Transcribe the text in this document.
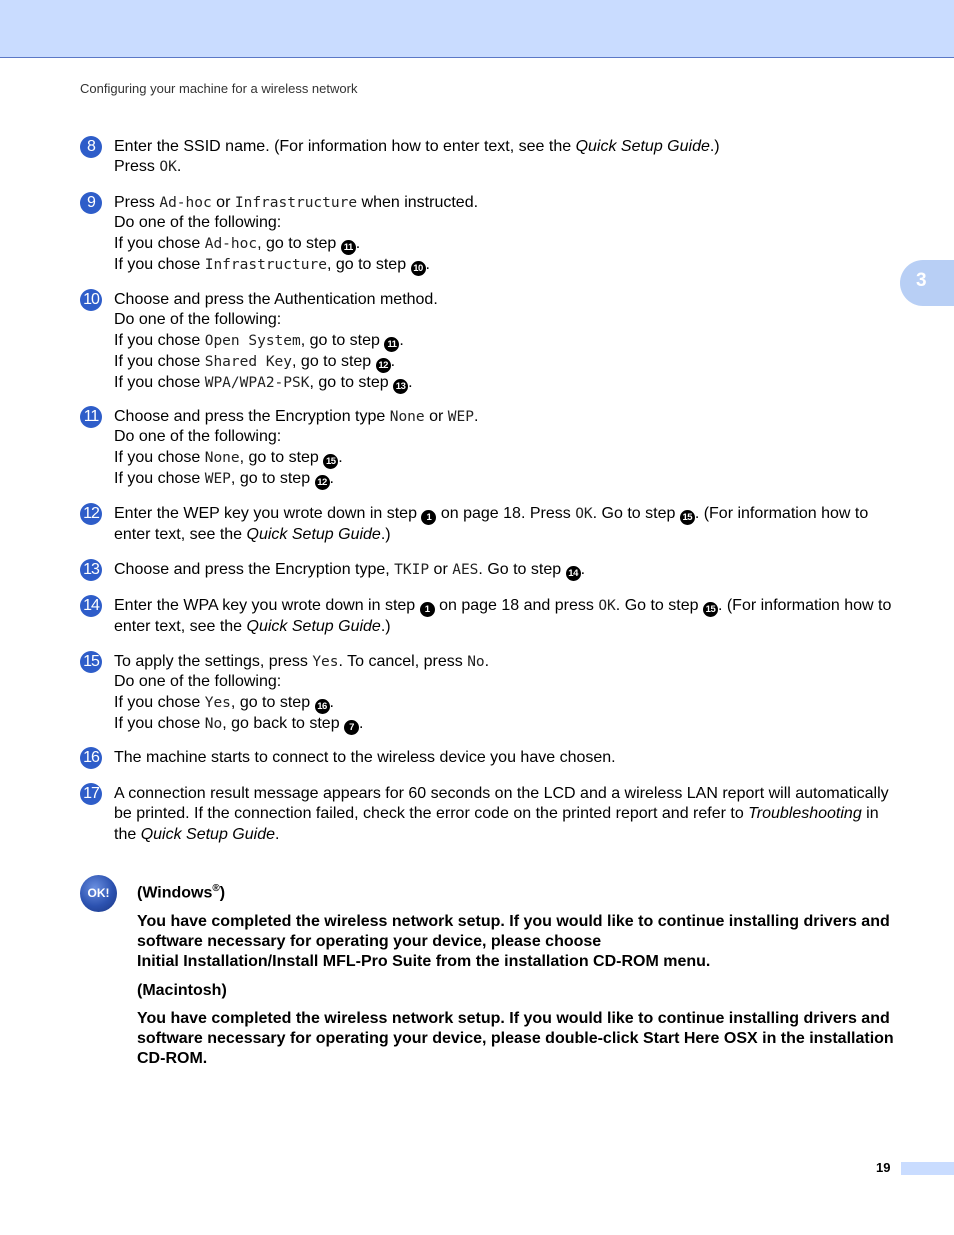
Configuring your machine for a wireless network
3
8	Enter the SSID name. (For information how to enter text, see the Quick Setup Guide.)
Press OK.
9	Press Ad-hoc or Infrastructure when instructed.
Do one of the following:
If you chose Ad-hoc, go to step 11 .
If you chose Infrastructure, go to step 10 .
10 Choose and press the Authentication method.
Do one of the following:
If you chose Open System, go to step 11 .
If you chose Shared Key, go to step 12 .
If you chose WPA/WPA2-PSK, go to step 13 .
11 Choose and press the Encryption type None or WEP.
Do one of the following:
If you chose None, go to step 15 .
If you chose WEP, go to step 12 .
12 Enter the WEP key you wrote down in step 1 on page 18. Press OK. Go to step 15 . (For information how to enter text, see the Quick Setup Guide.)
13 Choose and press the Encryption type, TKIP or AES. Go to step 14 .
14 Enter the WPA key you wrote down in step 1 on page 18 and press OK. Go to step 15 . (For information how to enter text, see the Quick Setup Guide.)
15 To apply the settings, press Yes. To cancel, press No.
Do one of the following:
If you chose Yes, go to step 16 .
If you chose No, go back to step 7 .
16 The machine starts to connect to the wireless device you have chosen.
17 A connection result message appears for 60 seconds on the LCD and a wireless LAN report will automatically be printed. If the connection failed, check the error code on the printed report and refer to Troubleshooting in the Quick Setup Guide.
OK!	(Windows®)

You have completed the wireless network setup. If you would like to continue installing drivers and software necessary for operating your device, please choose
Initial Installation/Install MFL-Pro Suite from the installation CD-ROM menu.

(Macintosh)

You have completed the wireless network setup. If you would like to continue installing drivers and software necessary for operating your device, please double-click Start Here OSX in the installation CD-ROM.

19
